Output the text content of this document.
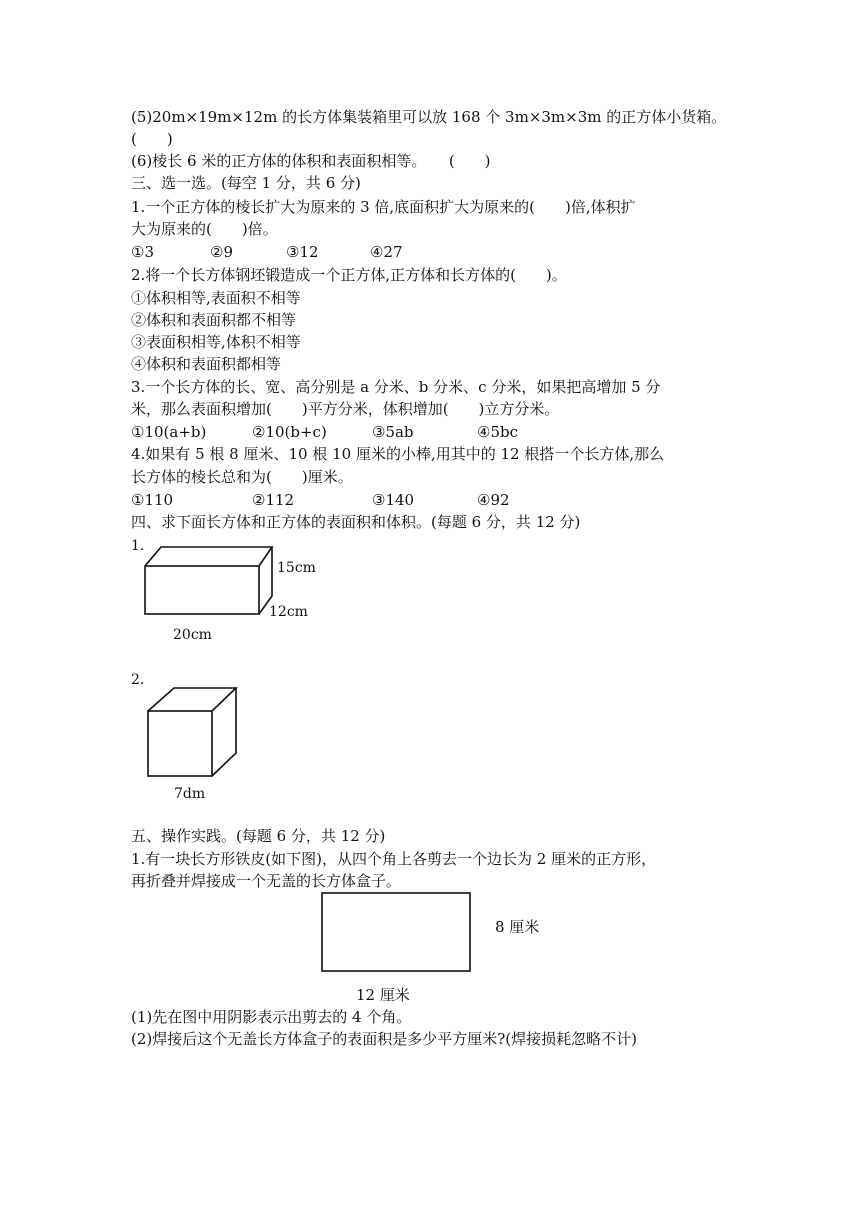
(5)20m×19m×12m 的长方体集装箱里可以放 168 个 3m×3m×3m 的正方体小货箱。
(　　)
(6)棱长 6 米的正方体的体积和表面积相等。　　(　　)
三、选一选。(每空 1 分，共 6 分)
1.一个正方体的棱长扩大为原来的 3 倍,底面积扩大为原来的(　　)倍,体积扩
大为原来的(　　)倍。
①3	②9	③12	④27
2.将一个长方体钢坯锻造成一个正方体,正方体和长方体的(　　)。
①体积相等,表面积不相等
②体积和表面积都不相等
③表面积相等,体积不相等
④体积和表面积都相等
3.一个长方体的长、宽、高分别是 a 分米、b 分米、c 分米，如果把高增加 5 分
米，那么表面积增加(　　)平方分米，体积增加(　　)立方分米。
①10(a+b)	②10(b+c)	③5ab	④5bc
4.如果有 5 根 8 厘米、10 根 10 厘米的小棒,用其中的 12 根搭一个长方体,那么
长方体的棱长总和为(　　)厘米。
①110	②112	③140	④92
四、求下面长方体和正方体的表面积和体积。(每题 6 分，共 12 分)
1.
15cm
12cm
20cm
2.
7dm
五、操作实践。(每题 6 分，共 12 分)
1.有一块长方形铁皮(如下图)，从四个角上各剪去一个边长为 2 厘米的正方形，
再折叠并焊接成一个无盖的长方体盒子。
8 厘米
12 厘米
(1)先在图中用阴影表示出剪去的 4 个角。
(2)焊接后这个无盖长方体盒子的表面积是多少平方厘米?(焊接损耗忽略不计)
